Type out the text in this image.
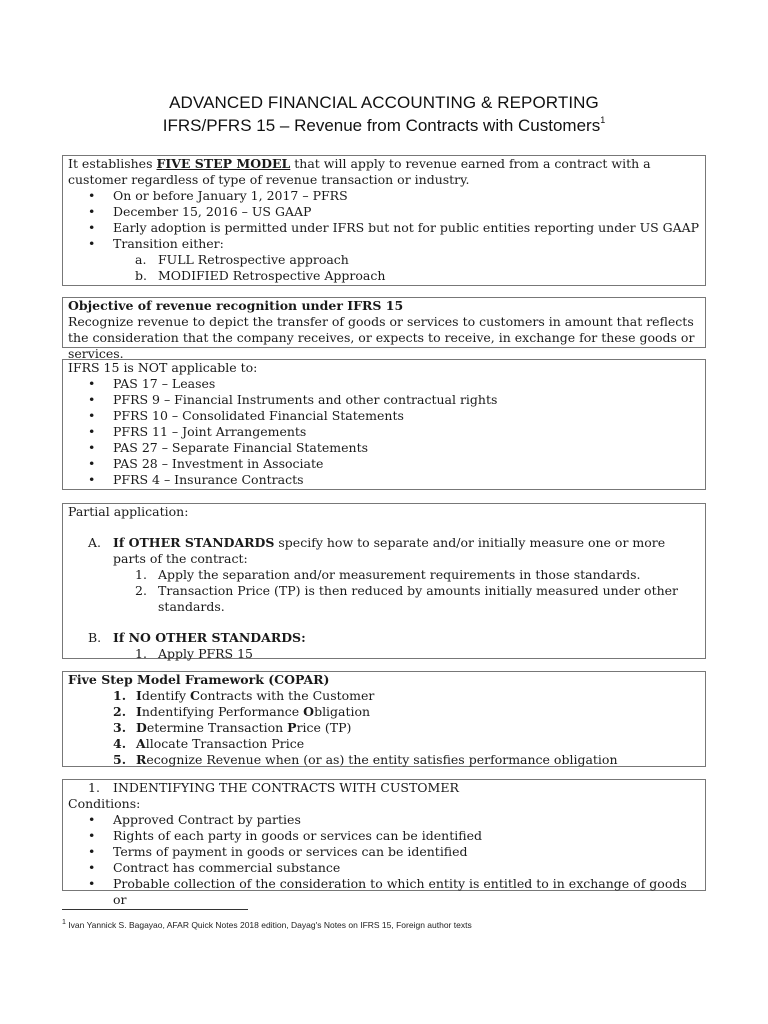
ADVANCED FINANCIAL ACCOUNTING & REPORTING
IFRS/PFRS 15 – Revenue from Contracts with Customers$^1$

It establishes FIVE STEP MODEL that will apply to revenue earned from a contract with a customer regardless of type of revenue transaction or industry.

• On or before January 1, 2017 – PFRS
• December 15, 2016 – US GAAP
• Early adoption is permitted under IFRS but not for public entities reporting under US GAAP
• Transition either:
a. FULL Retrospective approach
b. MODIFIED Retrospective Approach

Objective of revenue recognition under IFRS 15

Recognize revenue to depict the transfer of goods or services to customers in amount that reflects the consideration that the company receives, or expects to receive, in exchange for these goods or services.

IFRS 15 is NOT applicable to:

• PAS 17 – Leases
• PFRS 9 – Financial Instruments and other contractual rights
• PFRS 10 – Consolidated Financial Statements
• PFRS 11 – Joint Arrangements
• PAS 27 – Separate Financial Statements
• PAS 28 – Investment in Associate
• PFRS 4 – Insurance Contracts

Partial application:

A. If OTHER STANDARDS specify how to separate and/or initially measure one or more parts of the contract:
1. Apply the separation and/or measurement requirements in those standards.
2. Transaction Price (TP) is then reduced by amounts initially measured under other standards.
B. If NO OTHER STANDARDS:
1. Apply PFRS 15

Five Step Model Framework (COPAR)

1. Identify Contracts with the Customer
2. Indentifying Performance Obligation
3. Determine Transaction Price (TP)
4. Allocate Transaction Price
5. Recognize Revenue when (or as) the entity satisfies performance obligation
1. INDENTIFYING THE CONTRACTS WITH CUSTOMER

Conditions:

• Approved Contract by parties
• Rights of each party in goods or services can be identified
• Terms of payment in goods or services can be identified
• Contract has commercial substance
• Probable collection of the consideration to which entity is entitled to in exchange of goods or
$^1$ Ivan Yannick S. Bagayao, AFAR Quick Notes 2018 edition, Dayag's Notes on IFRS 15, Foreign author texts
